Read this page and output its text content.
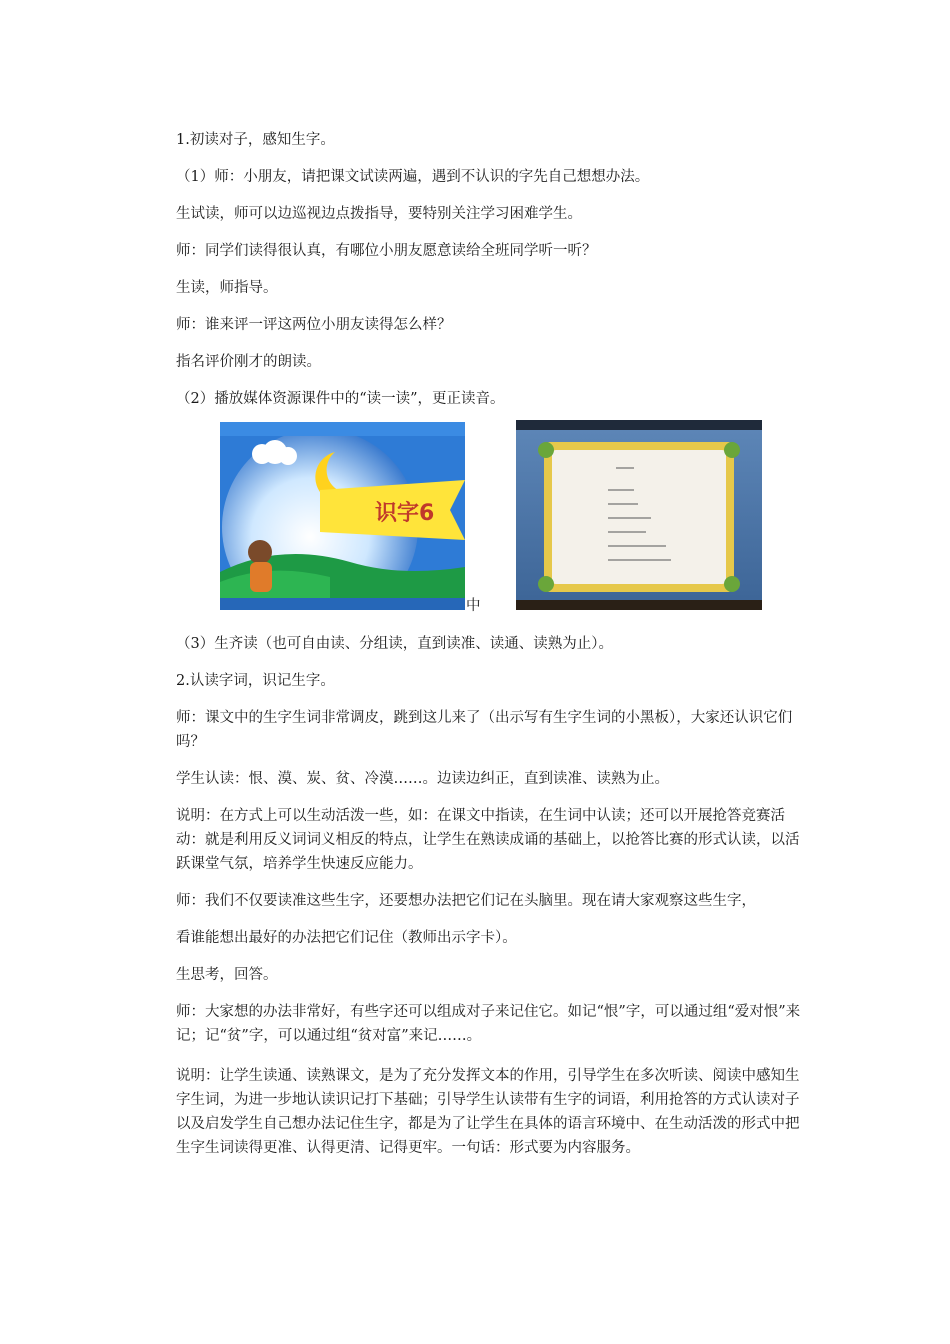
1.初读对子，感知生字。

（1）师：小朋友，请把课文试读两遍，遇到不认识的字先自己想想办法。

生试读，师可以边巡视边点拨指导，要特别关注学习困难学生。

师：同学们读得很认真，有哪位小朋友愿意读给全班同学听一听？

生读，师指导。

师：谁来评一评这两位小朋友读得怎么样？

指名评价刚才的朗读。

（2）播放媒体资源课件中的“读一读”，更正读音。

识字6
中

（3）生齐读（也可自由读、分组读，直到读准、读通、读熟为止）。

2.认读字词，识记生字。

师：课文中的生字生词非常调皮，跳到这儿来了（出示写有生字生词的小黑板），大家还认识它们吗？

学生认读：恨、漠、炭、贫、冷漠……。边读边纠正，直到读准、读熟为止。

说明：在方式上可以生动活泼一些，如：在课文中指读，在生词中认读；还可以开展抢答竞赛活动：就是利用反义词词义相反的特点，让学生在熟读成诵的基础上，以抢答比赛的形式认读，以活跃课堂气氛，培养学生快速反应能力。

师：我们不仅要读准这些生字，还要想办法把它们记在头脑里。现在请大家观察这些生字，

看谁能想出最好的办法把它们记住（教师出示字卡）。

生思考，回答。

师：大家想的办法非常好，有些字还可以组成对子来记住它。如记“恨”字，可以通过组“爱对恨”来记；记“贫”字，可以通过组“贫对富”来记……。

说明：让学生读通、读熟课文，是为了充分发挥文本的作用，引导学生在多次听读、阅读中感知生字生词，为进一步地认读识记打下基础；引导学生认读带有生字的词语，利用抢答的方式认读对子以及启发学生自己想办法记住生字，都是为了让学生在具体的语言环境中、在生动活泼的形式中把生字生词读得更准、认得更清、记得更牢。一句话：形式要为内容服务。
